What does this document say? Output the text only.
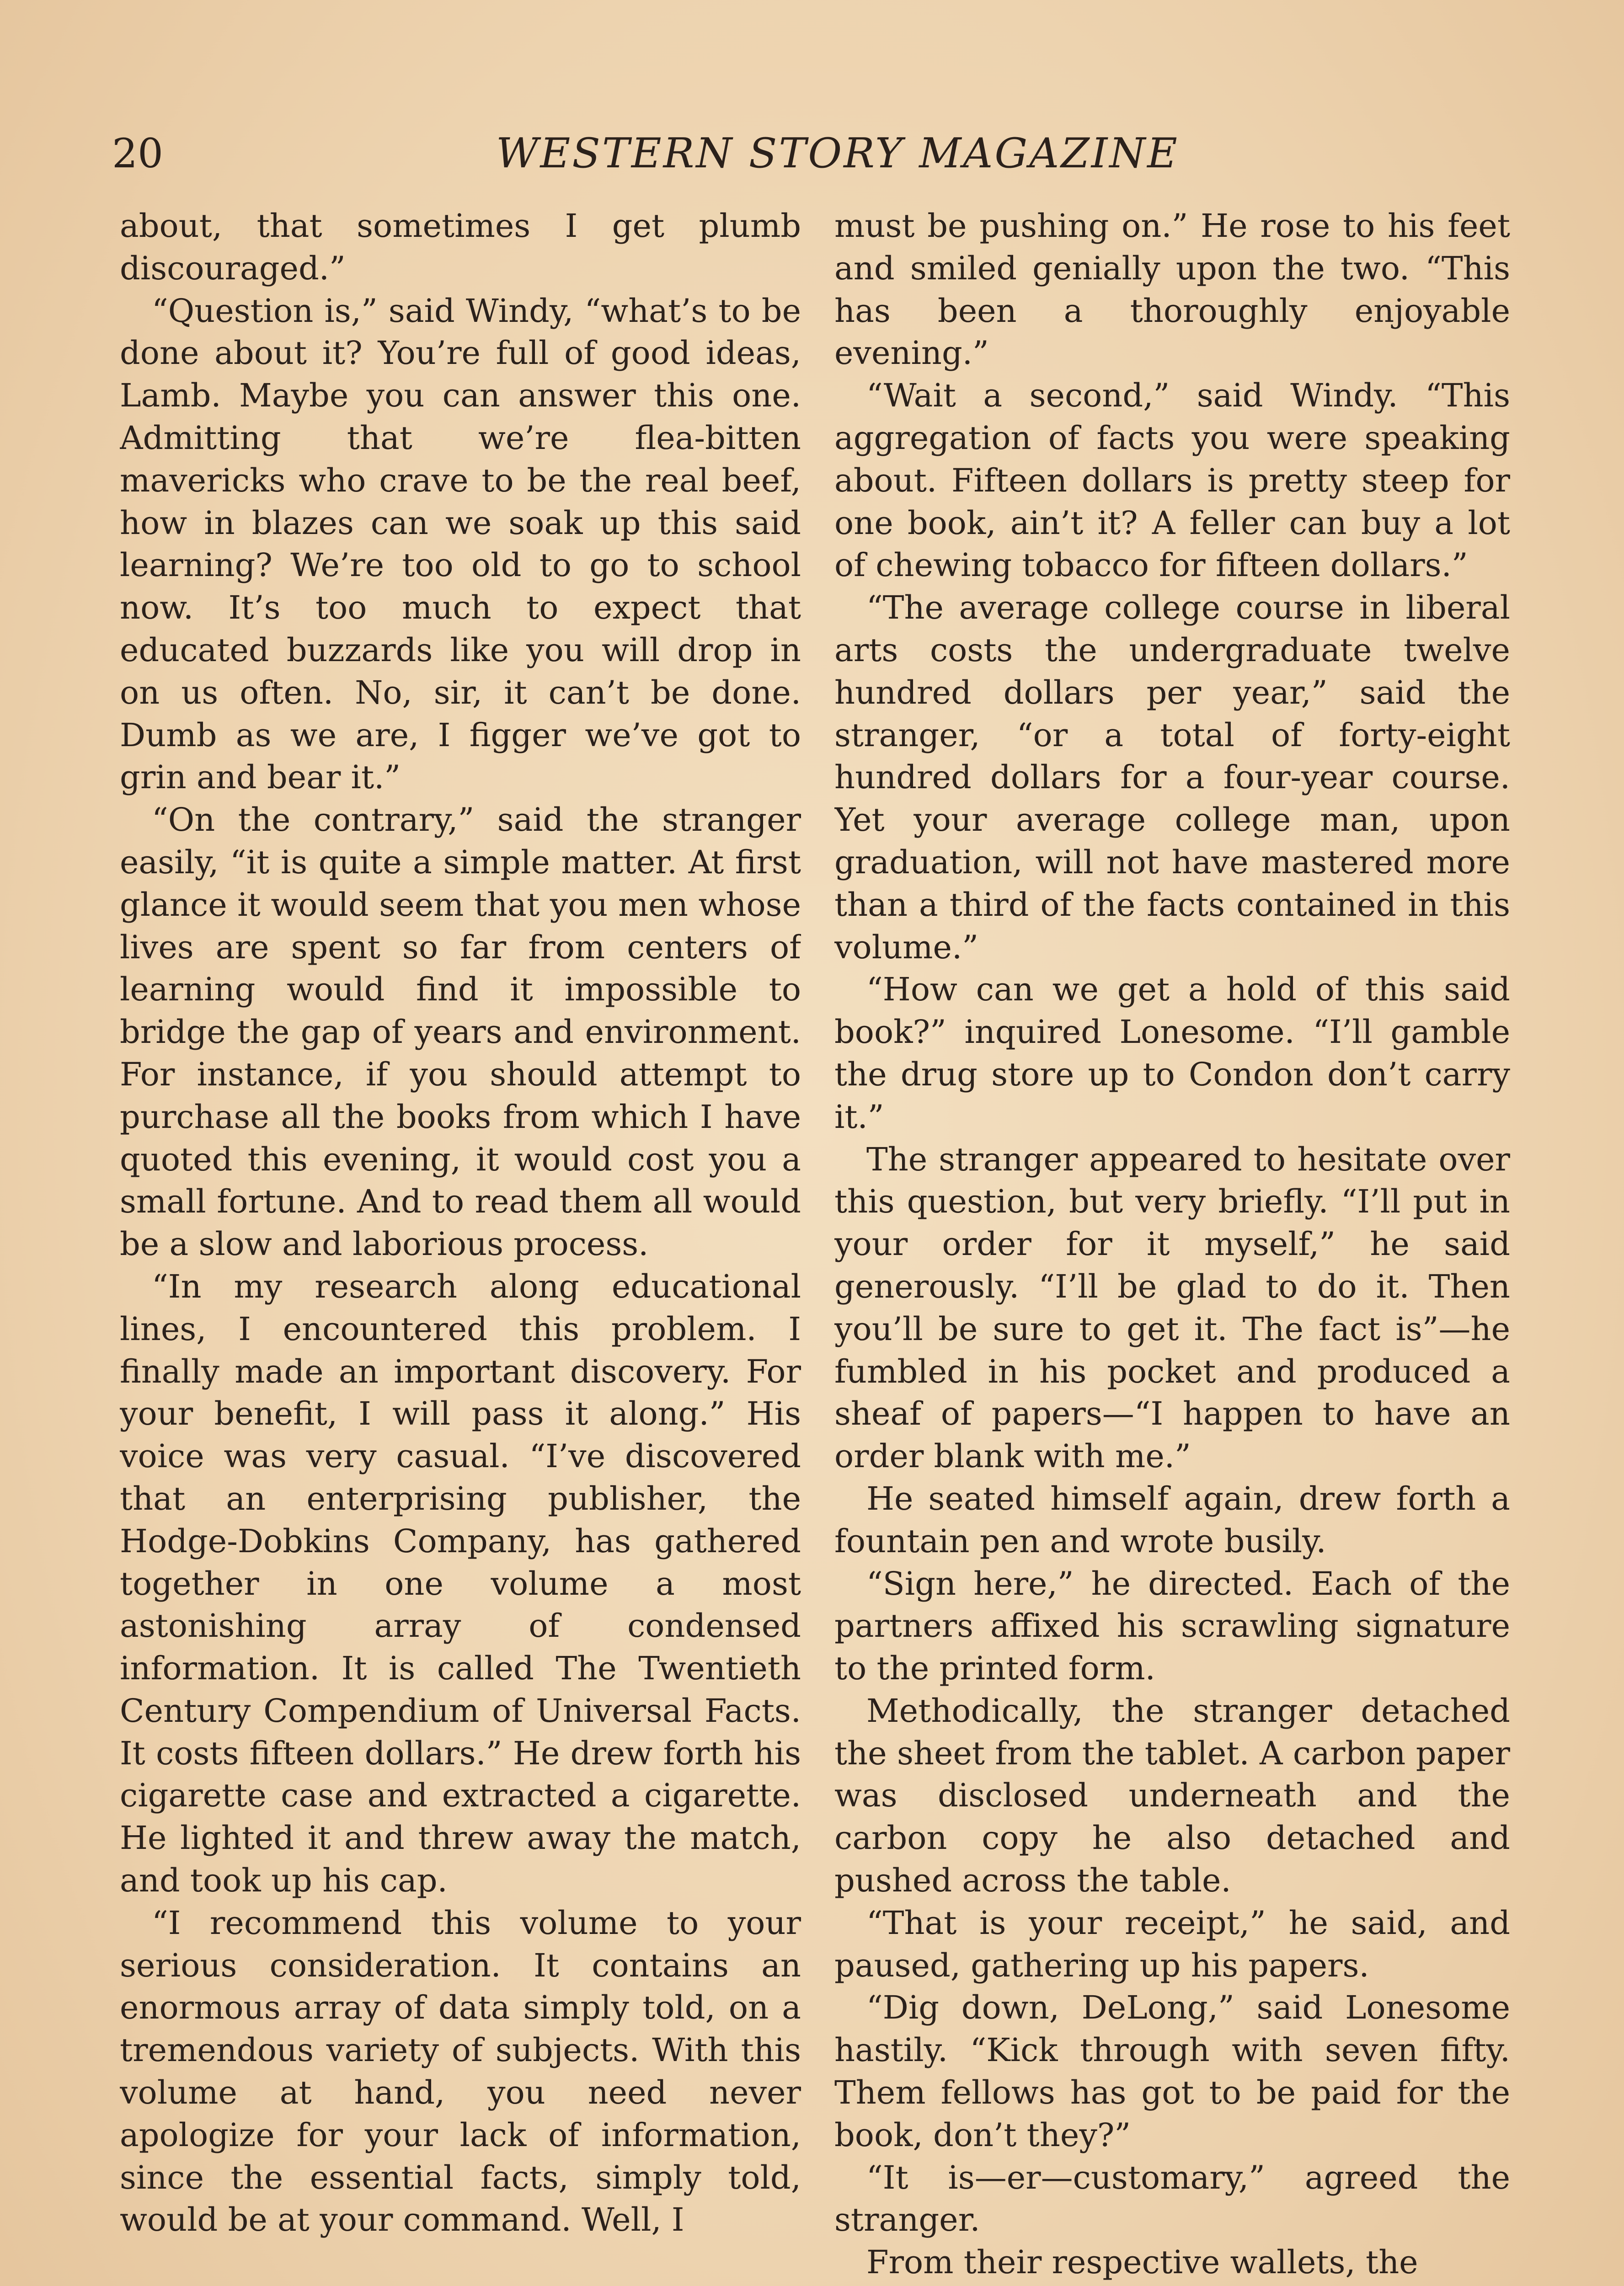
20	WESTERN STORY MAGAZINE

about, that sometimes I get plumb discouraged.”

“Question is,” said Windy, “what’s to be done about it? You’re full of good ideas, Lamb. Maybe you can answer this one. Admitting that we’re flea-bitten mavericks who crave to be the real beef, how in blazes can we soak up this said learning? We’re too old to go to school now. It’s too much to expect that educated buzzards like you will drop in on us often. No, sir, it can’t be done. Dumb as we are, I figger we’ve got to grin and bear it.”

“On the contrary,” said the stranger easily, “it is quite a simple matter. At first glance it would seem that you men whose lives are spent so far from centers of learning would find it impossible to bridge the gap of years and environment. For instance, if you should attempt to purchase all the books from which I have quoted this evening, it would cost you a small fortune. And to read them all would be a slow and laborious process.

“In my research along educational lines, I encountered this problem. I finally made an important discovery. For your benefit, I will pass it along.” His voice was very casual. “I’ve discovered that an enterprising publisher, the Hodge-Dobkins Company, has gathered together in one volume a most astonishing array of condensed information. It is called The Twentieth Century Compendium of Universal Facts. It costs fifteen dollars.” He drew forth his cigarette case and extracted a cigarette. He lighted it and threw away the match, and took up his cap.

“I recommend this volume to your serious consideration. It contains an enormous array of data simply told, on a tremendous variety of subjects. With this volume at hand, you need never apologize for your lack of information, since the essential facts, simply told, would be at your command. Well, I

must be pushing on.” He rose to his feet and smiled genially upon the two. “This has been a thoroughly enjoyable evening.”

“Wait a second,” said Windy. “This aggregation of facts you were speaking about. Fifteen dollars is pretty steep for one book, ain’t it? A feller can buy a lot of chewing tobacco for fifteen dollars.”

“The average college course in liberal arts costs the undergraduate twelve hundred dollars per year,” said the stranger, “or a total of forty-eight hundred dollars for a four-year course. Yet your average college man, upon graduation, will not have mastered more than a third of the facts contained in this volume.”

“How can we get a hold of this said book?” inquired Lonesome. “I’ll gamble the drug store up to Condon don’t carry it.”

The stranger appeared to hesitate over this question, but very briefly. “I’ll put in your order for it myself,” he said generously. “I’ll be glad to do it. Then you’ll be sure to get it. The fact is”—he fumbled in his pocket and produced a sheaf of papers—“I happen to have an order blank with me.”

He seated himself again, drew forth a fountain pen and wrote busily.

“Sign here,” he directed. Each of the partners affixed his scrawling signature to the printed form.

Methodically, the stranger detached the sheet from the tablet. A carbon paper was disclosed underneath and the carbon copy he also detached and pushed across the table.

“That is your receipt,” he said, and paused, gathering up his papers.

“Dig down, DeLong,” said Lonesome hastily. “Kick through with seven fifty. Them fellows has got to be paid for the book, don’t they?”

“It is—er—customary,” agreed the stranger.

From their respective wallets, the
